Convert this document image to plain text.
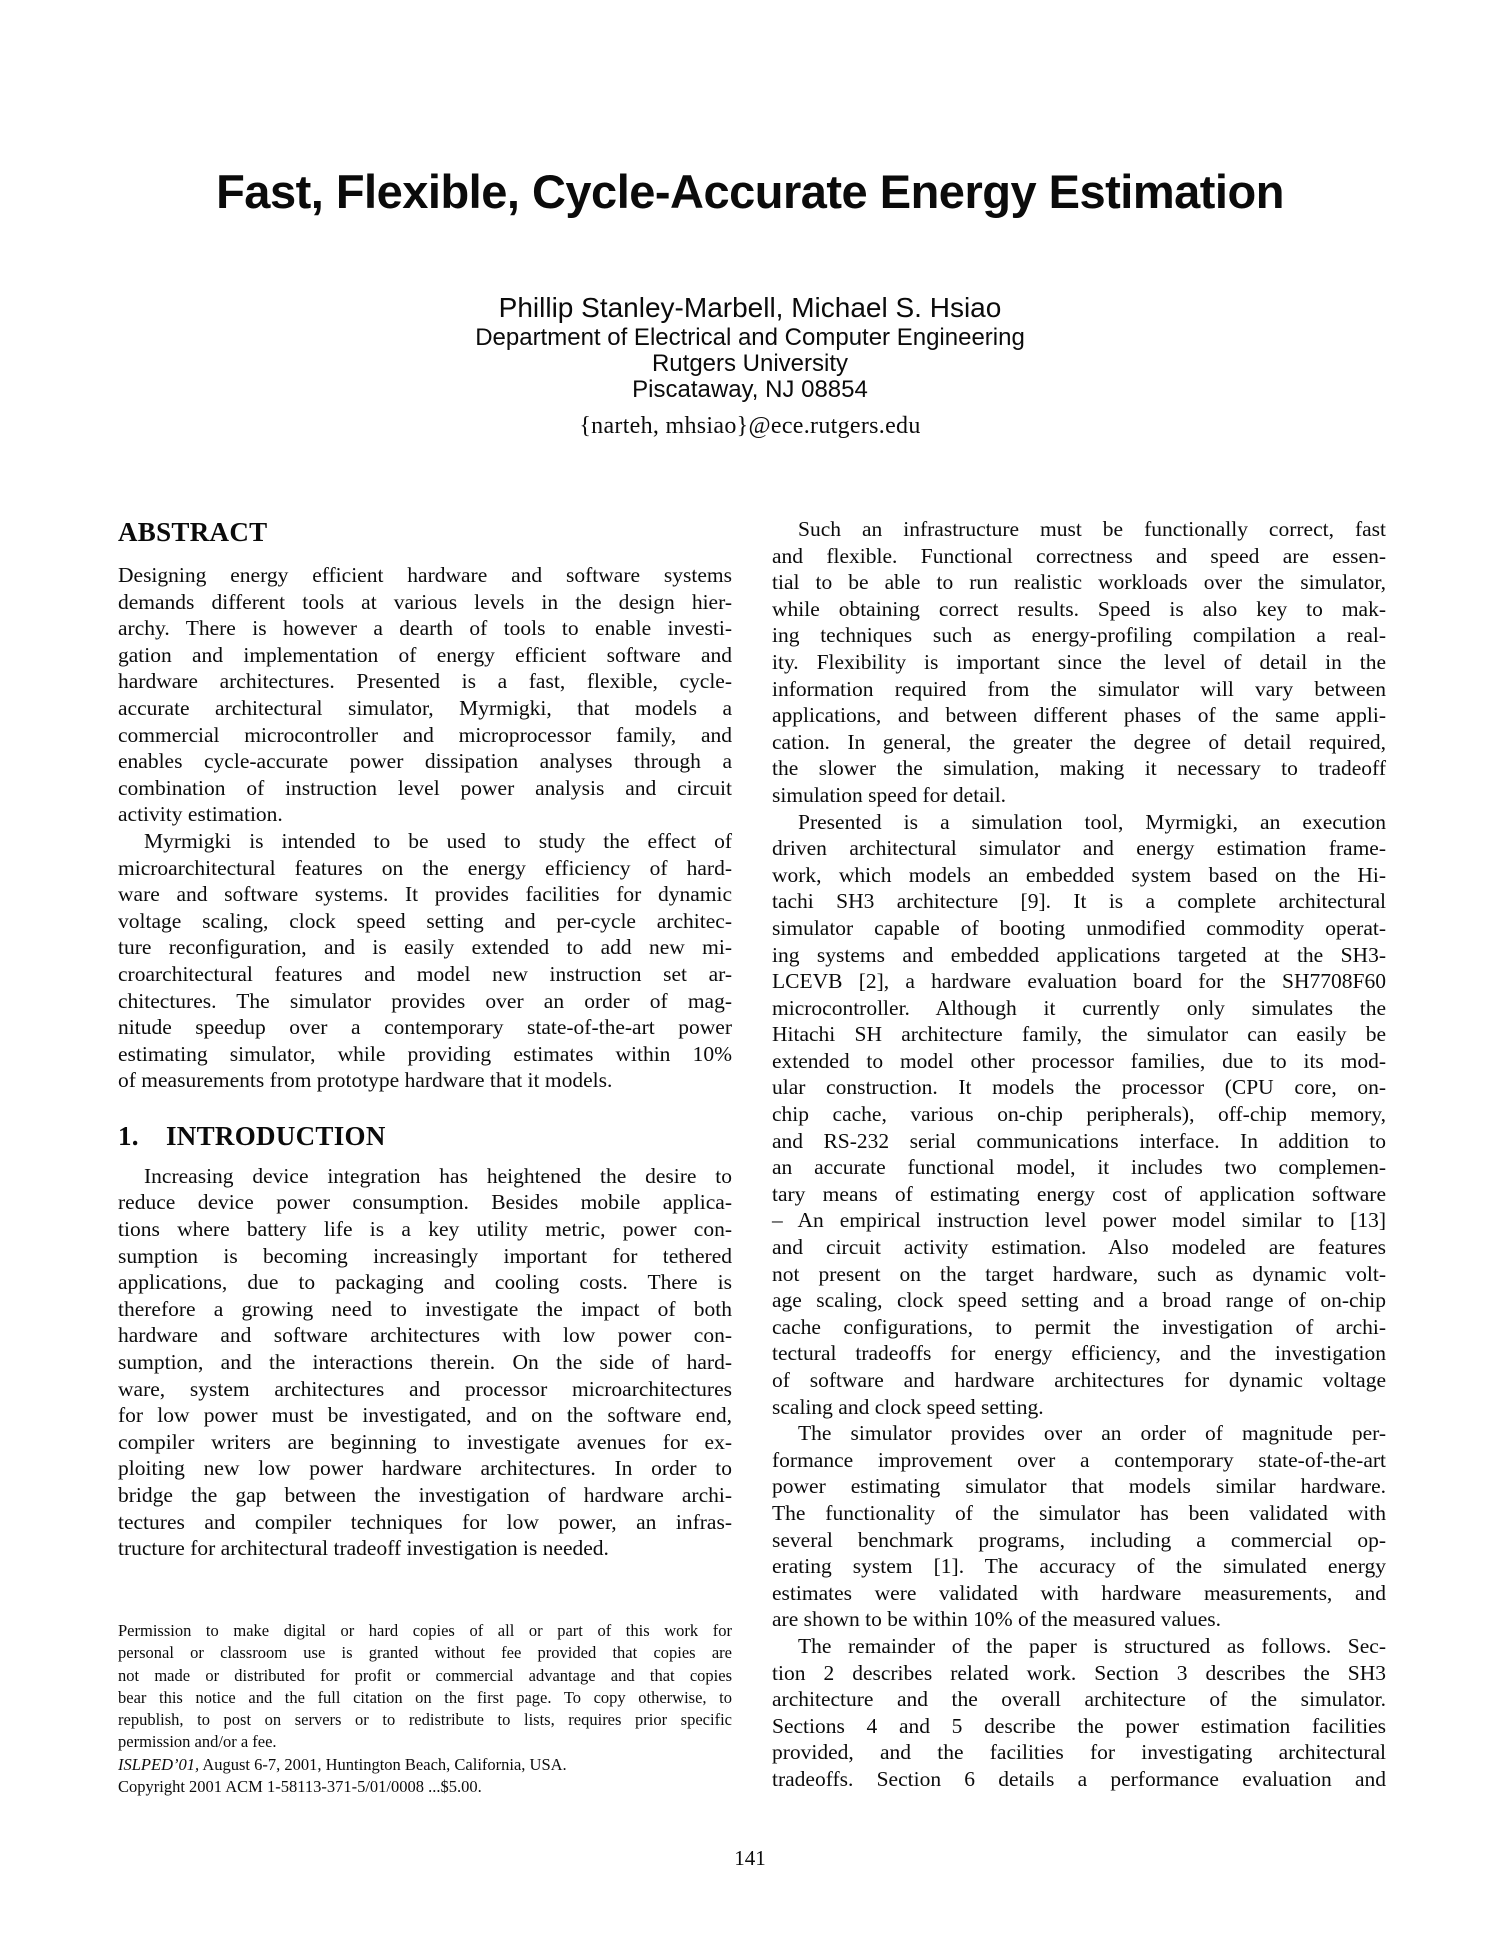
Fast, Flexible, Cycle-Accurate Energy Estimation
Phillip Stanley-Marbell, Michael S. Hsiao
Department of Electrical and Computer Engineering
Rutgers University
Piscataway, NJ 08854
{narteh, mhsiao}@ece.rutgers.edu
ABSTRACT
Designing energy efficient hardware and software systems
demands different tools at various levels in the design hier-
archy. There is however a dearth of tools to enable investi-
gation and implementation of energy efficient software and
hardware architectures. Presented is a fast, flexible, cycle-
accurate architectural simulator, Myrmigki, that models a
commercial microcontroller and microprocessor family, and
enables cycle-accurate power dissipation analyses through a
combination of instruction level power analysis and circuit
activity estimation.
Myrmigki is intended to be used to study the effect of
microarchitectural features on the energy efficiency of hard-
ware and software systems. It provides facilities for dynamic
voltage scaling, clock speed setting and per-cycle architec-
ture reconfiguration, and is easily extended to add new mi-
croarchitectural features and model new instruction set ar-
chitectures. The simulator provides over an order of mag-
nitude speedup over a contemporary state-of-the-art power
estimating simulator, while providing estimates within 10%
of measurements from prototype hardware that it models.
1. INTRODUCTION
Increasing device integration has heightened the desire to
reduce device power consumption. Besides mobile applica-
tions where battery life is a key utility metric, power con-
sumption is becoming increasingly important for tethered
applications, due to packaging and cooling costs. There is
therefore a growing need to investigate the impact of both
hardware and software architectures with low power con-
sumption, and the interactions therein. On the side of hard-
ware, system architectures and processor microarchitectures
for low power must be investigated, and on the software end,
compiler writers are beginning to investigate avenues for ex-
ploiting new low power hardware architectures. In order to
bridge the gap between the investigation of hardware archi-
tectures and compiler techniques for low power, an infras-
tructure for architectural tradeoff investigation is needed.
Such an infrastructure must be functionally correct, fast
and flexible. Functional correctness and speed are essen-
tial to be able to run realistic workloads over the simulator,
while obtaining correct results. Speed is also key to mak-
ing techniques such as energy-profiling compilation a real-
ity. Flexibility is important since the level of detail in the
information required from the simulator will vary between
applications, and between different phases of the same appli-
cation. In general, the greater the degree of detail required,
the slower the simulation, making it necessary to tradeoff
simulation speed for detail.
Presented is a simulation tool, Myrmigki, an execution
driven architectural simulator and energy estimation frame-
work, which models an embedded system based on the Hi-
tachi SH3 architecture [9]. It is a complete architectural
simulator capable of booting unmodified commodity operat-
ing systems and embedded applications targeted at the SH3-
LCEVB [2], a hardware evaluation board for the SH7708F60
microcontroller. Although it currently only simulates the
Hitachi SH architecture family, the simulator can easily be
extended to model other processor families, due to its mod-
ular construction. It models the processor (CPU core, on-
chip cache, various on-chip peripherals), off-chip memory,
and RS-232 serial communications interface. In addition to
an accurate functional model, it includes two complemen-
tary means of estimating energy cost of application software
– An empirical instruction level power model similar to [13]
and circuit activity estimation. Also modeled are features
not present on the target hardware, such as dynamic volt-
age scaling, clock speed setting and a broad range of on-chip
cache configurations, to permit the investigation of archi-
tectural tradeoffs for energy efficiency, and the investigation
of software and hardware architectures for dynamic voltage
scaling and clock speed setting.
The simulator provides over an order of magnitude per-
formance improvement over a contemporary state-of-the-art
power estimating simulator that models similar hardware.
The functionality of the simulator has been validated with
several benchmark programs, including a commercial op-
erating system [1]. The accuracy of the simulated energy
estimates were validated with hardware measurements, and
are shown to be within 10% of the measured values.
The remainder of the paper is structured as follows. Sec-
tion 2 describes related work. Section 3 describes the SH3
architecture and the overall architecture of the simulator.
Sections 4 and 5 describe the power estimation facilities
provided, and the facilities for investigating architectural
tradeoffs. Section 6 details a performance evaluation and
Permission to make digital or hard copies of all or part of this work for
personal or classroom use is granted without fee provided that copies are
not made or distributed for profit or commercial advantage and that copies
bear this notice and the full citation on the first page. To copy otherwise, to
republish, to post on servers or to redistribute to lists, requires prior specific
permission and/or a fee.
ISLPED’01, August 6-7, 2001, Huntington Beach, California, USA.
Copyright 2001 ACM 1-58113-371-5/01/0008 ...$5.00.
141
